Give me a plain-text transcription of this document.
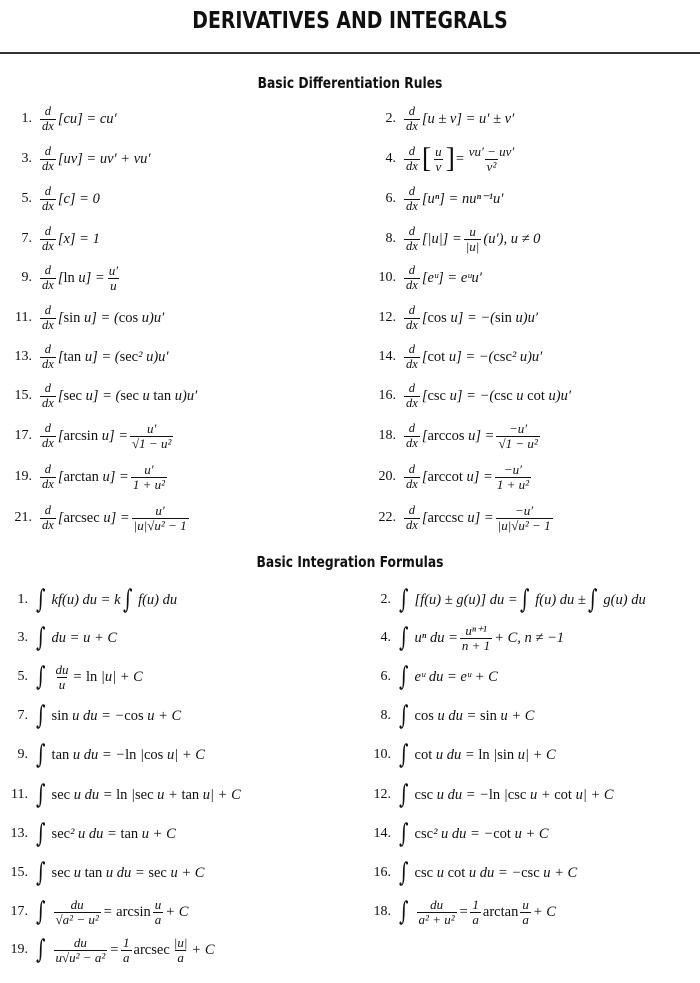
DERIVATIVES AND INTEGRALS
Basic Differentiation Rules
1. $\frac{d}{dx} [cu] = cu'$	2. $\frac{d}{dx} [u \pm v] = u' \pm v'$
3. $\frac{d}{dx} [uv] = uv' + vu'$	4. $\frac{d}{dx}$ [ $\frac{u}{v}$ ] = $\frac{vu' - uv'}{\text{v²}}$
5. $\frac{d}{dx} [c] = 0$	6. $\frac{d}{dx} [u^n] = nu^{n-1}u'$
7. $\frac{d}{dx} [x] = 1$	8. $\frac{d}{dx} [|u|] = \frac{u}{|u|} (u')$, u ≠ 0
9. $\frac{d}{dx} [\ln$ $u] = \frac{u'}{u}$	10. $\frac{d}{dx}$ [eᵘ] = eᵘu′
11. $\frac{d}{dx} [\sin$ u] = (cos u)u′	12. $\frac{d}{dx} [\cos$ u] = −(sin u)u′
13. $\frac{d}{dx} [\tan$ u] = (sec² u)u′	14. $\frac{d}{dx} [\cot$ u] = −(csc² u)u′
15. $\frac{d}{dx} [\sec$ u] = (sec u tan u)u′	16. $\frac{d}{dx} [\csc$ u] = −(csc u cot u)u′
17. $\frac{d}{dx} [\arcsin$ $u] = \frac{u'}{\text{√1 − u²}}$	18. $\frac{d}{dx} [\arccos$ $u] = \frac{-u'}{\text{√1 − u²}}$
19. $\frac{d}{dx} [\arctan$ $u] = \frac{u'}{\text{1 + u²}}$	20. $\frac{d}{dx} [arccot$ $u] = \frac{-u'}{\text{1 + u²}}$
21. $\frac{d}{dx} [arcsec$ $u] = \frac{u'}{\text{|u|√u² − 1}}$	22. $\frac{d}{dx} [arccsc$ $u] = \frac{-u'}{\text{|u|√u² − 1}}$
Basic Integration Formulas
1. ∫ kf(u) du = k ∫ f(u) du	2. ∫ [f(u) ± g(u)] du = ∫ f(u) du ± ∫ g(u) du
3. ∫ du = u + C	4. ∫ uⁿ du = $\frac{\text{uⁿ⁺¹}}{n + 1} + C$, n ≠ −1
5. ∫ $\frac{du}{u} = \ln |u| + C$	6. ∫ eᵘ du = eᵘ + C
7. ∫ sin u du = −cos u + C	8. ∫ cos u du = sin u + C
9. ∫ tan u du = −ln |cos u| + C	10. ∫ cot u du = ln |sin u| + C
11. ∫ sec u du = ln |sec u + tan u| + C	12. ∫ csc u du = −ln |csc u + cot u| + C
13. ∫ sec² u du = tan u + C	14. ∫ csc² u du = −cot u + C
15. ∫ sec u tan u du = sec u + C	16. ∫ csc u cot u du = −csc u + C
17. ∫ $\frac{du}{\text{√a² − u²}} = \arcsin \frac{u}{a} + C$	18. ∫ $\frac{du}{\text{a² + u²}} = \frac{1}{a}$ $\arctan \frac{u}{a} + C$
19. ∫ $\frac{du}{\text{u√u² − a²}} = \frac{1}{a}$ arcsec $\frac{|u|}{a} + C$
